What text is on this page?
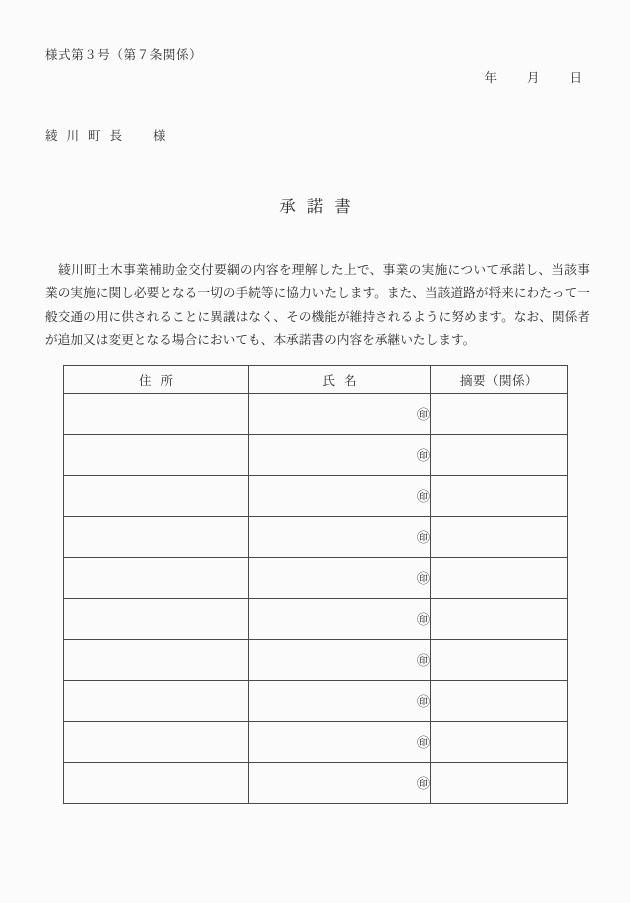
様式第３号（第７条関係）
年 月 日
綾川町長 様
承諾書

綾川町土木事業補助金交付要綱の内容を理解した上で、事業の実施について承諾し、当該事業の実施に関し必要となる一切の手続等に協力いたします。また、当該道路が将来にわたって一般交通の用に供されることに異議はなく、その機能が維持されるように努めます。なお、関係者が追加又は変更となる場合においても、本承諾書の内容を承継いたします。

住所	氏名	摘要（関係）
	㊞	
	㊞	
	㊞	
	㊞	
	㊞	
	㊞	
	㊞	
	㊞	
	㊞	
	㊞	
